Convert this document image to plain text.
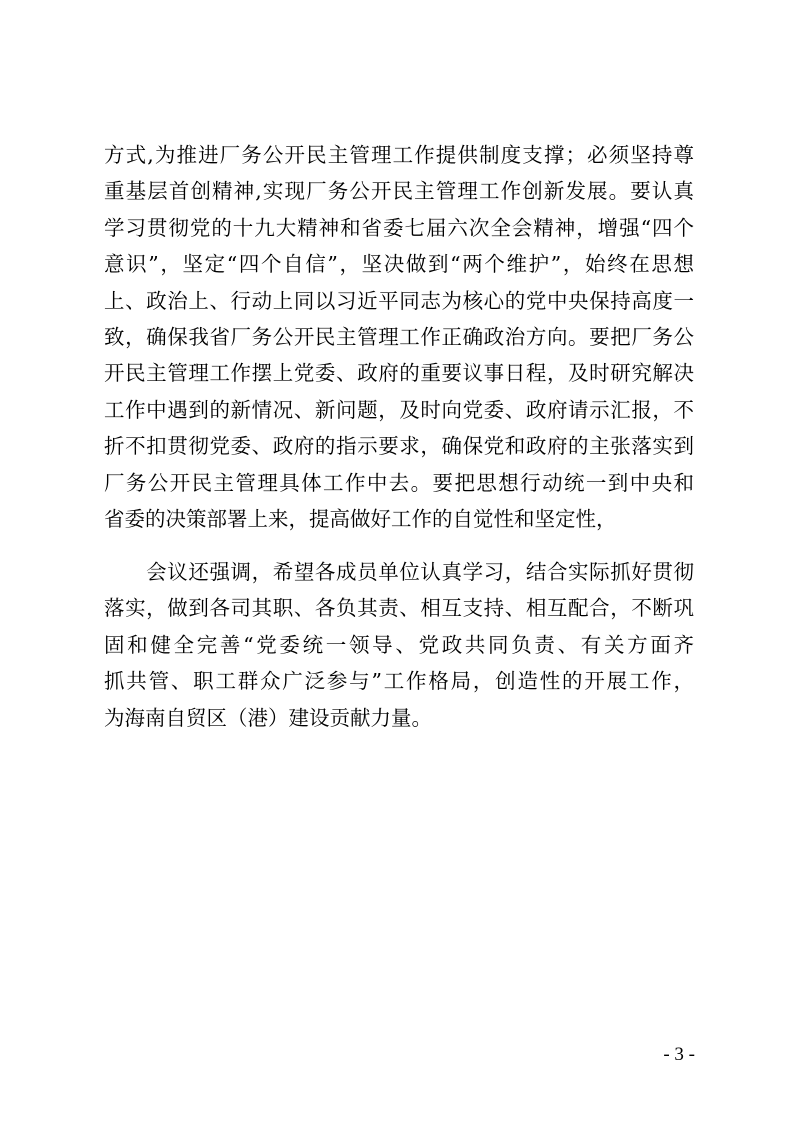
方式,为推进厂务公开民主管理工作提供制度支撑；必须坚持尊
重基层首创精神,实现厂务公开民主管理工作创新发展。要认真
学习贯彻党的十九大精神和省委七届六次全会精神，增强“四个
意识”，坚定“四个自信”，坚决做到“两个维护”，始终在思想
上、政治上、行动上同以习近平同志为核心的党中央保持高度一
致，确保我省厂务公开民主管理工作正确政治方向。要把厂务公
开民主管理工作摆上党委、政府的重要议事日程，及时研究解决
工作中遇到的新情况、新问题，及时向党委、政府请示汇报，不
折不扣贯彻党委、政府的指示要求，确保党和政府的主张落实到
厂务公开民主管理具体工作中去。要把思想行动统一到中央和
省委的决策部署上来，提高做好工作的自觉性和坚定性，
　　会议还强调，希望各成员单位认真学习，结合实际抓好贯彻
落实，做到各司其职、各负其责、相互支持、相互配合，不断巩
固和健全完善“党委统一领导、党政共同负责、有关方面齐
抓共管、职工群众广泛参与”工作格局，创造性的开展工作，
为海南自贸区（港）建设贡献力量。
- 3 -
